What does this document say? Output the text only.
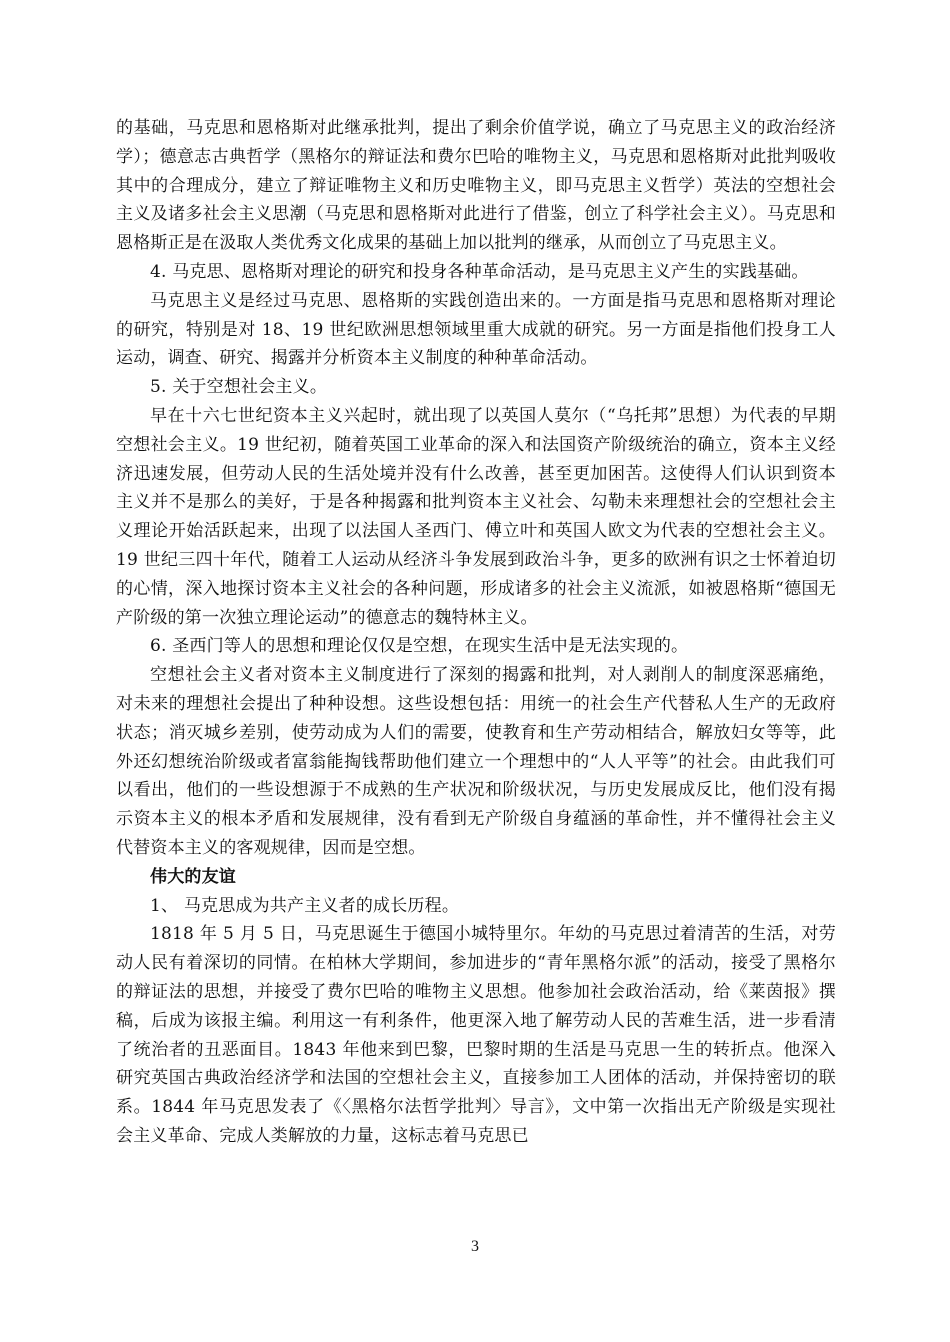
的基础，马克思和恩格斯对此继承批判，提出了剩余价值学说，确立了马克思主义的政治经济学）；德意志古典哲学（黑格尔的辩证法和费尔巴哈的唯物主义，马克思和恩格斯对此批判吸收其中的合理成分，建立了辩证唯物主义和历史唯物主义，即马克思主义哲学）英法的空想社会主义及诸多社会主义思潮（马克思和恩格斯对此进行了借鉴，创立了科学社会主义）。马克思和恩格斯正是在汲取人类优秀文化成果的基础上加以批判的继承，从而创立了马克思主义。

4. 马克思、恩格斯对理论的研究和投身各种革命活动，是马克思主义产生的实践基础。

马克思主义是经过马克思、恩格斯的实践创造出来的。一方面是指马克思和恩格斯对理论的研究，特别是对 18、19 世纪欧洲思想领域里重大成就的研究。另一方面是指他们投身工人运动，调查、研究、揭露并分析资本主义制度的种种革命活动。

5. 关于空想社会主义。

早在十六七世纪资本主义兴起时，就出现了以英国人莫尔（“乌托邦”思想）为代表的早期空想社会主义。19 世纪初，随着英国工业革命的深入和法国资产阶级统治的确立，资本主义经济迅速发展，但劳动人民的生活处境并没有什么改善，甚至更加困苦。这使得人们认识到资本主义并不是那么的美好，于是各种揭露和批判资本主义社会、勾勒未来理想社会的空想社会主义理论开始活跃起来，出现了以法国人圣西门、傅立叶和英国人欧文为代表的空想社会主义。19 世纪三四十年代，随着工人运动从经济斗争发展到政治斗争，更多的欧洲有识之士怀着迫切的心情，深入地探讨资本主义社会的各种问题，形成诸多的社会主义流派，如被恩格斯“德国无产阶级的第一次独立理论运动”的德意志的魏特林主义。

6. 圣西门等人的思想和理论仅仅是空想，在现实生活中是无法实现的。

空想社会主义者对资本主义制度进行了深刻的揭露和批判，对人剥削人的制度深恶痛绝，对未来的理想社会提出了种种设想。这些设想包括：用统一的社会生产代替私人生产的无政府状态；消灭城乡差别，使劳动成为人们的需要，使教育和生产劳动相结合，解放妇女等等，此外还幻想统治阶级或者富翁能掏钱帮助他们建立一个理想中的“人人平等”的社会。由此我们可以看出，他们的一些设想源于不成熟的生产状况和阶级状况，与历史发展成反比，他们没有揭示资本主义的根本矛盾和发展规律，没有看到无产阶级自身蕴涵的革命性，并不懂得社会主义代替资本主义的客观规律，因而是空想。

伟大的友谊

1、 马克思成为共产主义者的成长历程。

1818 年 5 月 5 日，马克思诞生于德国小城特里尔。年幼的马克思过着清苦的生活，对劳动人民有着深切的同情。在柏林大学期间，参加进步的“青年黑格尔派”的活动，接受了黑格尔的辩证法的思想，并接受了费尔巴哈的唯物主义思想。他参加社会政治活动，给《莱茵报》撰稿，后成为该报主编。利用这一有利条件，他更深入地了解劳动人民的苦难生活，进一步看清了统治者的丑恶面目。1843 年他来到巴黎，巴黎时期的生活是马克思一生的转折点。他深入研究英国古典政治经济学和法国的空想社会主义，直接参加工人团体的活动，并保持密切的联系。1844 年马克思发表了《〈黑格尔法哲学批判〉导言》，文中第一次指出无产阶级是实现社会主义革命、完成人类解放的力量，这标志着马克思已

3
